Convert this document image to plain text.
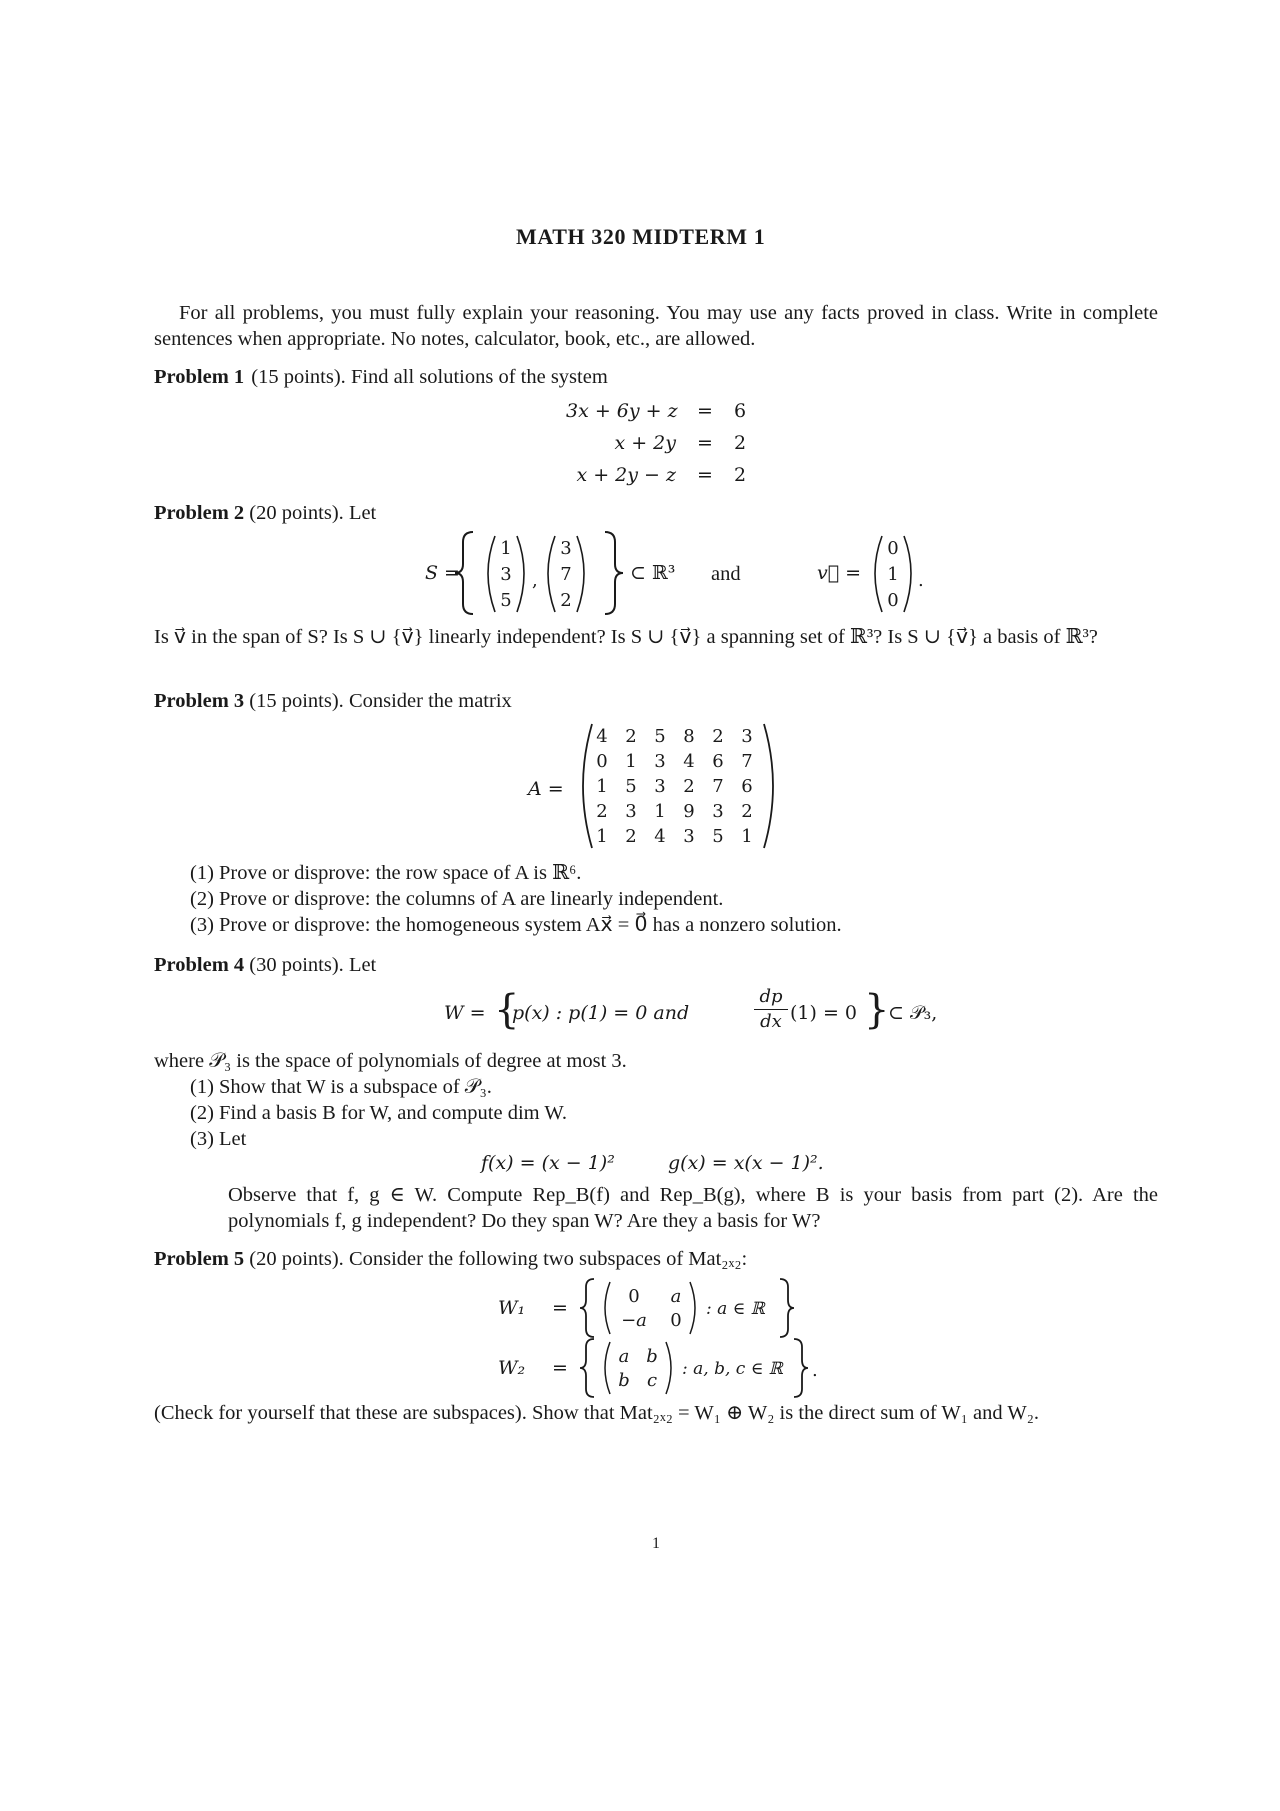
MATH 320 MIDTERM 1
For all problems, you must fully explain your reasoning. You may use any facts proved in class. Write in complete sentences when appropriate. No notes, calculator, book, etc., are allowed.
Problem 1 (15 points). Find all solutions of the system
3x + 6y + z = 6
x + 2y = 2
x + 2y − z = 2
Problem 2 (20 points). Let
S =
1
3
5
,
3
7
2
⊂ ℝ³ and	v⃗ =
0
1
0
.
Is v⃗ in the span of S? Is S ∪ {v⃗} linearly independent? Is S ∪ {v⃗} a spanning set of ℝ³? Is S ∪ {v⃗} a basis of ℝ³?
Problem 3 (15 points). Consider the matrix
A =
4 2 5 8 2 3
0 1 3 4 6 7
1 5 3 2 7 6
2 3 1 9 3 2
1 2 4 3 5 1
(1) Prove or disprove: the row space of A is ℝ⁶.
(2) Prove or disprove: the columns of A are linearly independent.
(3) Prove or disprove: the homogeneous system Ax⃗ = 0⃗ has a nonzero solution.
Problem 4 (30 points). Let
W = {
p(x) : p(1) = 0 and
dp
dx (1) = 0 }
⊂ 𝒫₃,
where 𝒫₃ is the space of polynomials of degree at most 3.
(1) Show that W is a subspace of 𝒫₃.
(2) Find a basis B for W, and compute dim W.
(3) Let
f(x) = (x − 1)²	g(x) = x(x − 1)².
Observe that f, g ∈ W. Compute Rep_B(f) and Rep_B(g), where B is your basis from part (2). Are the polynomials f, g independent? Do they span W? Are they a basis for W?
Problem 5 (20 points). Consider the following two subspaces of Mat₂ₓ₂:
W₁ =
0 a
−a 0
: a ∈ ℝ
W₂ =
a b
b c
: a, b, c ∈ ℝ .
(Check for yourself that these are subspaces). Show that Mat₂ₓ₂ = W₁ ⊕ W₂ is the direct sum of W₁ and W₂.
1
